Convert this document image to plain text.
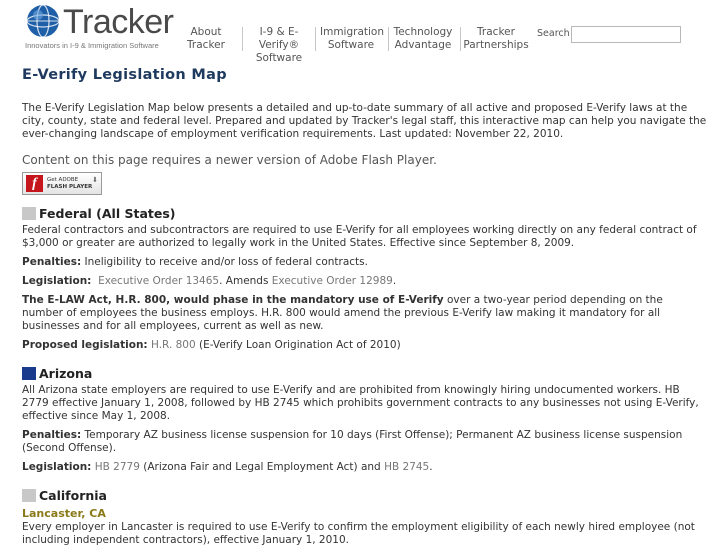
Tracker
Innovators in I-9 & Immigration Software
About Tracker
I-9 & E-Verify® Software
Immigration Software
Technology Advantage
Tracker Partnerships
Search
E-Verify Legislation Map

The E-Verify Legislation Map below presents a detailed and up-to-date summary of all active and proposed E-Verify laws at the city, county, state and federal level. Prepared and updated by Tracker's legal staff, this interactive map can help you navigate the ever-changing landscape of employment verification requirements. Last updated: November 22, 2010.

Content on this page requires a newer version of Adobe Flash Player.

f	Get ADOBE
FLASH PLAYER
⬇
Federal (All States)

Federal contractors and subcontractors are required to use E-Verify for all employees working directly on any federal contract of $3,000 or greater are authorized to legally work in the United States. Effective since September 8, 2009.

Penalties: Ineligibility to receive and/or loss of federal contracts.

Legislation: Executive Order 13465. Amends Executive Order 12989.

The E-LAW Act, H.R. 800, would phase in the mandatory use of E-Verify over a two-year period depending on the number of employees the business employs. H.R. 800 would amend the previous E-Verify law making it mandatory for all businesses and for all employees, current as well as new.

Proposed legislation: H.R. 800 (E-Verify Loan Origination Act of 2010)

Arizona

All Arizona state employers are required to use E-Verify and are prohibited from knowingly hiring undocumented workers. HB 2779 effective January 1, 2008, followed by HB 2745 which prohibits government contracts to any businesses not using E-Verify, effective since May 1, 2008.

Penalties: Temporary AZ business license suspension for 10 days (First Offense); Permanent AZ business license suspension (Second Offense).

Legislation: HB 2779 (Arizona Fair and Legal Employment Act) and HB 2745.

California

Lancaster, CA

Every employer in Lancaster is required to use E-Verify to confirm the employment eligibility of each newly hired employee (not including independent contractors), effective January 1, 2010.
